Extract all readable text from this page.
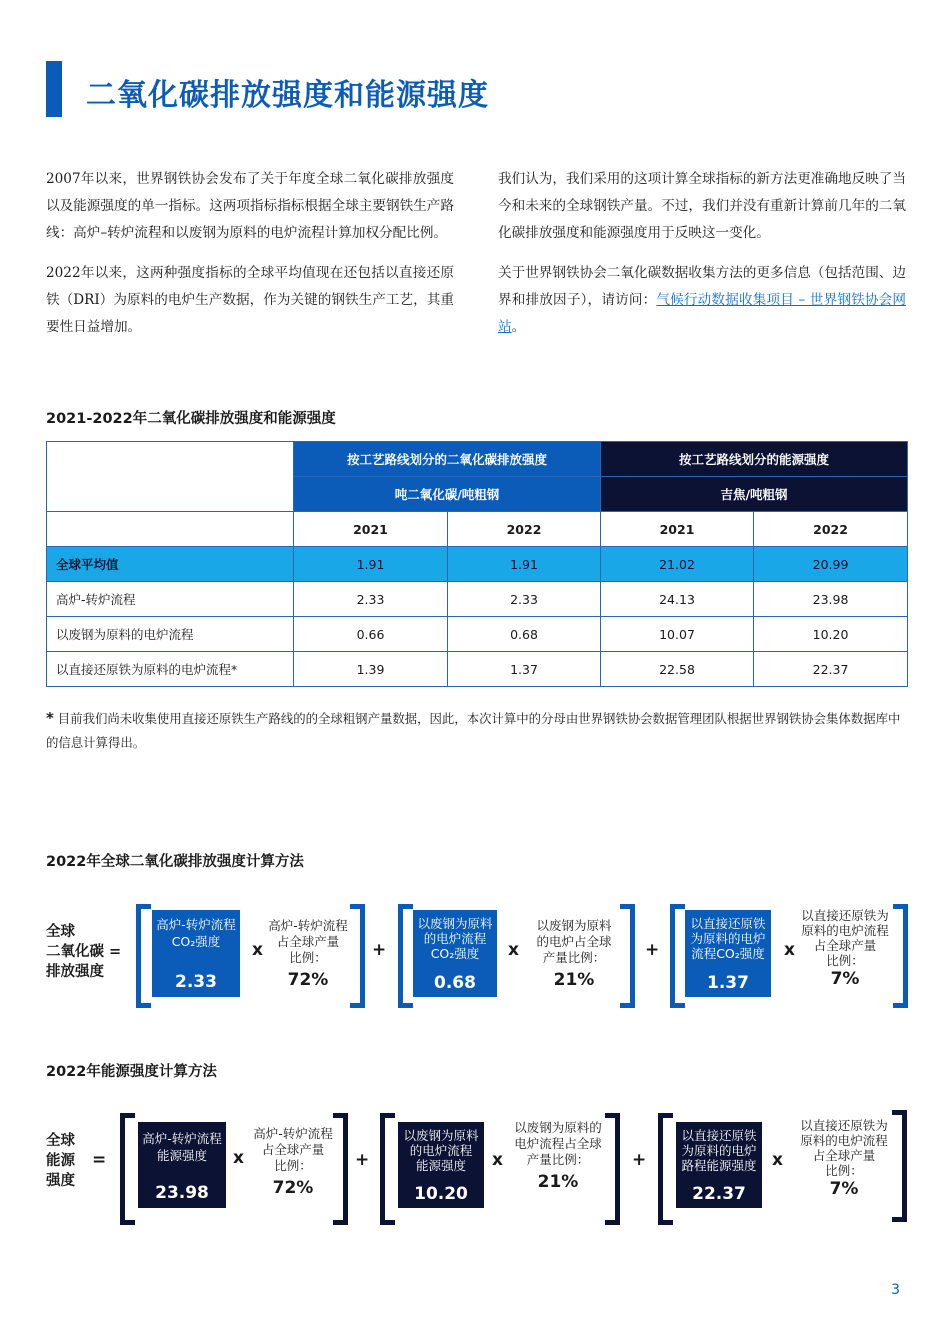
二氧化碳排放强度和能源强度

2007年以来，世界钢铁协会发布了关于年度全球二氧化碳排放强度以及能源强度的单一指标。这两项指标指标根据全球主要钢铁生产路线：高炉–转炉流程和以废钢为原料的电炉流程计算加权分配比例。

2022年以来，这两种强度指标的全球平均值现在还包括以直接还原铁（DRI）为原料的电炉生产数据，作为关键的钢铁生产工艺，其重要性日益增加。

我们认为，我们采用的这项计算全球指标的新方法更准确地反映了当今和未来的全球钢铁产量。不过，我们并没有重新计算前几年的二氧化碳排放强度和能源强度用于反映这一变化。

关于世界钢铁协会二氧化碳数据收集方法的更多信息（包括范围、边界和排放因子），请访问：气候行动数据收集项目 – 世界钢铁协会网站。

2021-2022年二氧化碳排放强度和能源强度
	按工艺路线划分的二氧化碳排放强度		按工艺路线划分的能源强度	
	吨二氧化碳/吨粗钢		吉焦/吨粗钢	
	2021	2022	2021	2022
全球平均值	1.91	1.91	21.02	20.99
高炉-转炉流程	2.33	2.33	24.13	23.98
以废钢为原料的电炉流程	0.66	0.68	10.07	10.20
以直接还原铁为原料的电炉流程*	1.39	1.37	22.58	22.37
* 目前我们尚未收集使用直接还原铁生产路线的的全球粗钢产量数据，因此，本次计算中的分母由世界钢铁协会数据管理团队根据世界钢铁协会集体数据库中的信息计算得出。
2022年全球二氧化碳排放强度计算方法
全球
二氧化碳 =
排放强度
高炉-转炉流程
CO₂强度
2.33
x
高炉-转炉流程
占全球产量
比例：
72%
+
以废钢为原料
的电炉流程
CO₂强度
0.68
x
以废钢为原料
的电炉占全球
产量比例：
21%
+
以直接还原铁
为原料的电炉
流程CO₂强度
1.37
x
以直接还原铁为
原料的电炉流程
占全球产量
比例：
7%
2022年能源强度计算方法
全球
能源
强度
=
高炉-转炉流程
能源强度
23.98
x
高炉-转炉流程
占全球产量
比例：
72%
+
以废钢为原料
的电炉流程
能源强度
10.20
x
以废钢为原料的
电炉流程占全球
产量比例：
21%
+
以直接还原铁
为原料的电炉
路程能源强度
22.37
x
以直接还原铁为
原料的电炉流程
占全球产量
比例：
7%
3
